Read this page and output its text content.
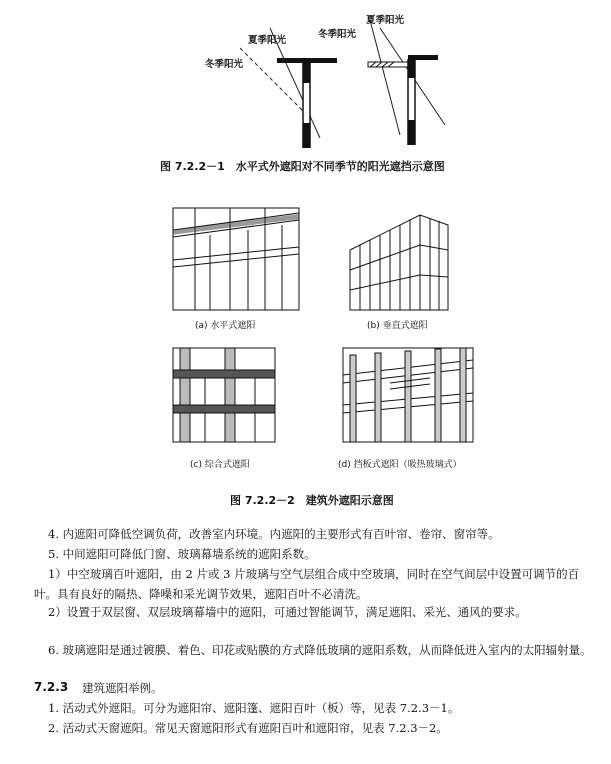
夏季阳光
冬季阳光
夏季阳光
冬季阳光
图 7.2.2－1　水平式外遮阳对不同季节的阳光遮挡示意图
(a) 水平式遮阳	(b) 垂直式遮阳
(c) 综合式遮阳	(d) 挡板式遮阳（吸热玻璃式）
图 7.2.2－2　建筑外遮阳示意图
4. 内遮阳可降低空调负荷，改善室内环境。内遮阳的主要形式有百叶帘、卷帘、窗帘等。
5. 中间遮阳可降低门窗、玻璃幕墙系统的遮阳系数。
1）中空玻璃百叶遮阳，由 2 片或 3 片玻璃与空气层组合成中空玻璃，同时在空气间层中设置可调节的百叶。具有良好的隔热、降噪和采光调节效果，遮阳百叶不必清洗。
2）设置于双层窗、双层玻璃幕墙中的遮阳，可通过智能调节，满足遮阳、采光、通风的要求。
6. 玻璃遮阳是通过镀膜、着色、印花或贴膜的方式降低玻璃的遮阳系数，从而降低进入室内的太阳辐射量。
7.2.3 建筑遮阳举例。
1. 活动式外遮阳。可分为遮阳帘、遮阳篷、遮阳百叶（板）等，见表 7.2.3－1。
2. 活动式天窗遮阳。常见天窗遮阳形式有遮阳百叶和遮阳帘，见表 7.2.3－2。
